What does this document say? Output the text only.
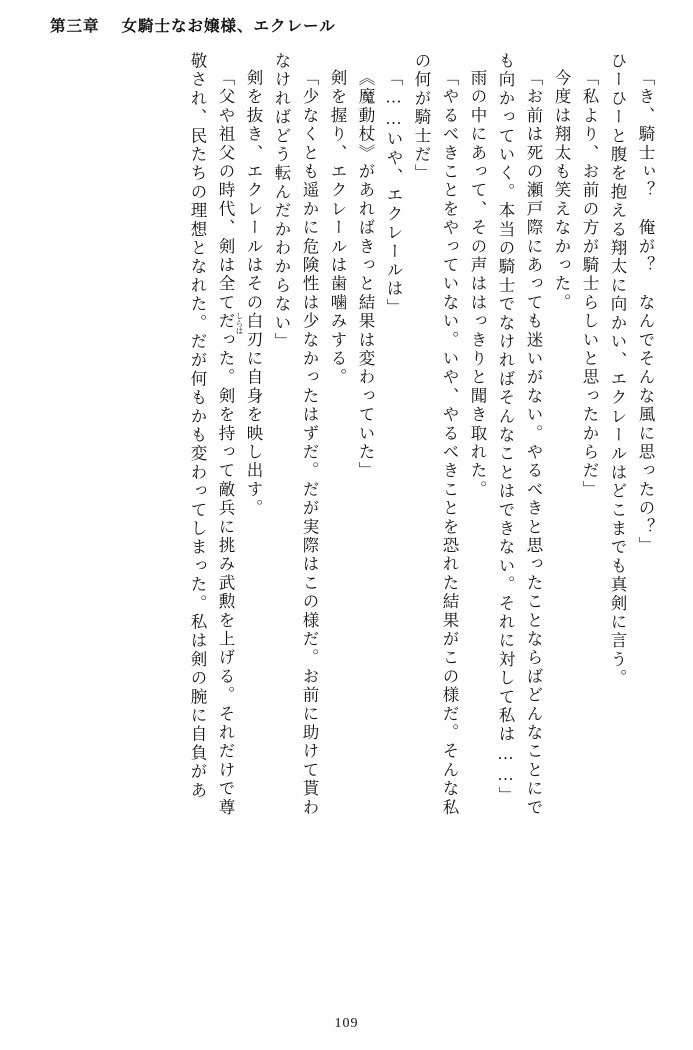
第三章 女騎士なお嬢様、エクレール
「き、騎士ぃ？　俺が？　なんでそんな風に思ったの？」
ひーひーと腹を抱える翔太に向かい、エクレールはどこまでも真剣に言う。
「私より、お前の方が騎士らしいと思ったからだ」
今度は翔太も笑えなかった。
「お前は死の瀬戸際にあっても迷いがない。やるべきと思ったことならばどんなことにで
も向かっていく。本当の騎士でなければそんなことはできない。それに対して私は……」
雨の中にあって、その声ははっきりと聞き取れた。
「やるべきことをやっていない。いや、やるべきことを恐れた結果がこの様だ。そんな私
の何が騎士だ」
「……いや、エクレールは」
《魔動杖》があればきっと結果は変わっていた」
剣を握り、エクレールは歯噛みする。
「少なくとも遥かに危険性は少なかったはずだ。だが実際はこの様だ。お前に助けて貰わ
なければどう転んだかわからない」
剣を抜き、エクレールはその白刃
しらは
に自身を映し出す。
「父や祖父の時代、剣は全てだった。剣を持って敵兵に挑み武勲を上げる。それだけで尊
敬され、民たちの理想となれた。だが何もかも変わってしまった。私は剣の腕に自負があ
109
